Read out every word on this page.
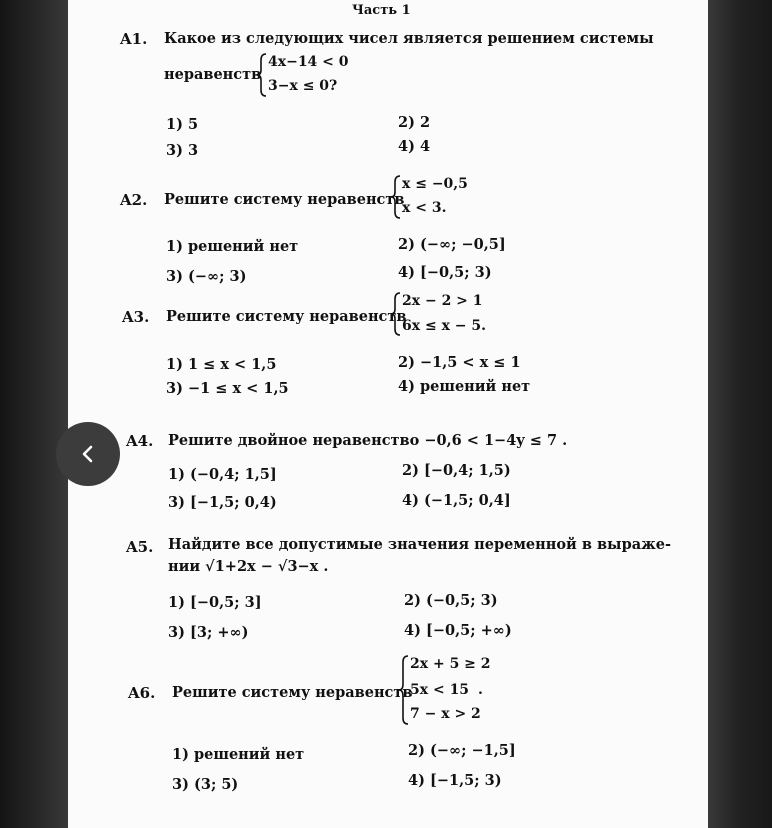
Часть 1
A1. Какое из следующих чисел является решением системы
неравенств
4x−14 < 0
3−x ≤ 0?
1) 5	2) 2
3) 3	4) 4
A2. Решите систему неравенств
x ≤ −0,5
x < 3.
1) решений нет	2) (−∞; −0,5]
3) (−∞; 3)	4) [−0,5; 3)
A3. Решите систему неравенств
2x − 2 > 1
6x ≤ x − 5.
1) 1 ≤ x < 1,5	2) −1,5 < x ≤ 1
3) −1 ≤ x < 1,5	4) решений нет
A4. Решите двойное неравенство −0,6 < 1−4y ≤ 7 .
1) (−0,4; 1,5]	2) [−0,4; 1,5)
3) [−1,5; 0,4)	4) (−1,5; 0,4]
A5. Найдите все допустимые значения переменной в выраже-
нии √1+2x − √3−x .
1) [−0,5; 3]	2) (−0,5; 3)
3) [3; +∞)	4) [−0,5; +∞)
A6. Решите систему неравенств
2x + 5 ≥ 2
5x < 15 .
7 − x > 2
1) решений нет	2) (−∞; −1,5]
3) (3; 5)	4) [−1,5; 3)
